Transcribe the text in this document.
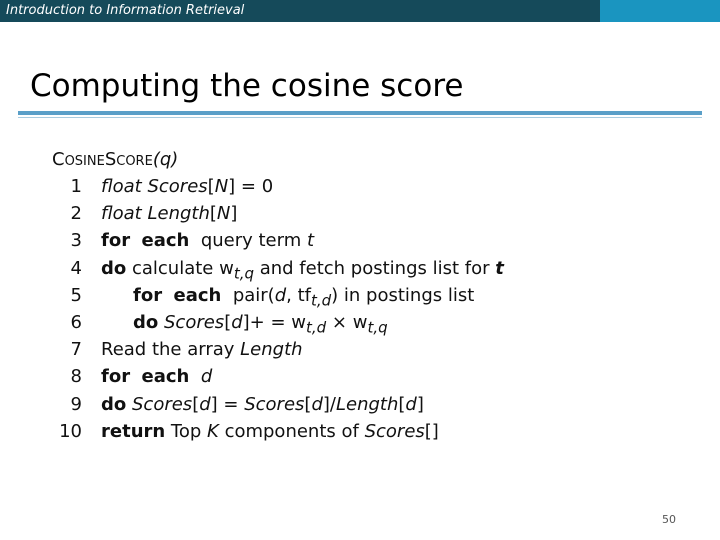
Introduction to Information Retrieval
Computing the cosine score
CosineScore(q)
1	float Scores[N] = 0
2	float Length[N]
3	for each  query term t
4	do calculate $w_{t,q}$ and fetch postings list for t
5	for each  pair(d, $tf_{t,d}$) in postings list
6	do Scores[d]+ = $w_{t,d} \times w_{t,q}$
7	Read the array Length
8	for each d
9	do Scores[d] = Scores[d]/Length[d]
10	return Top K components of Scores[]
50
